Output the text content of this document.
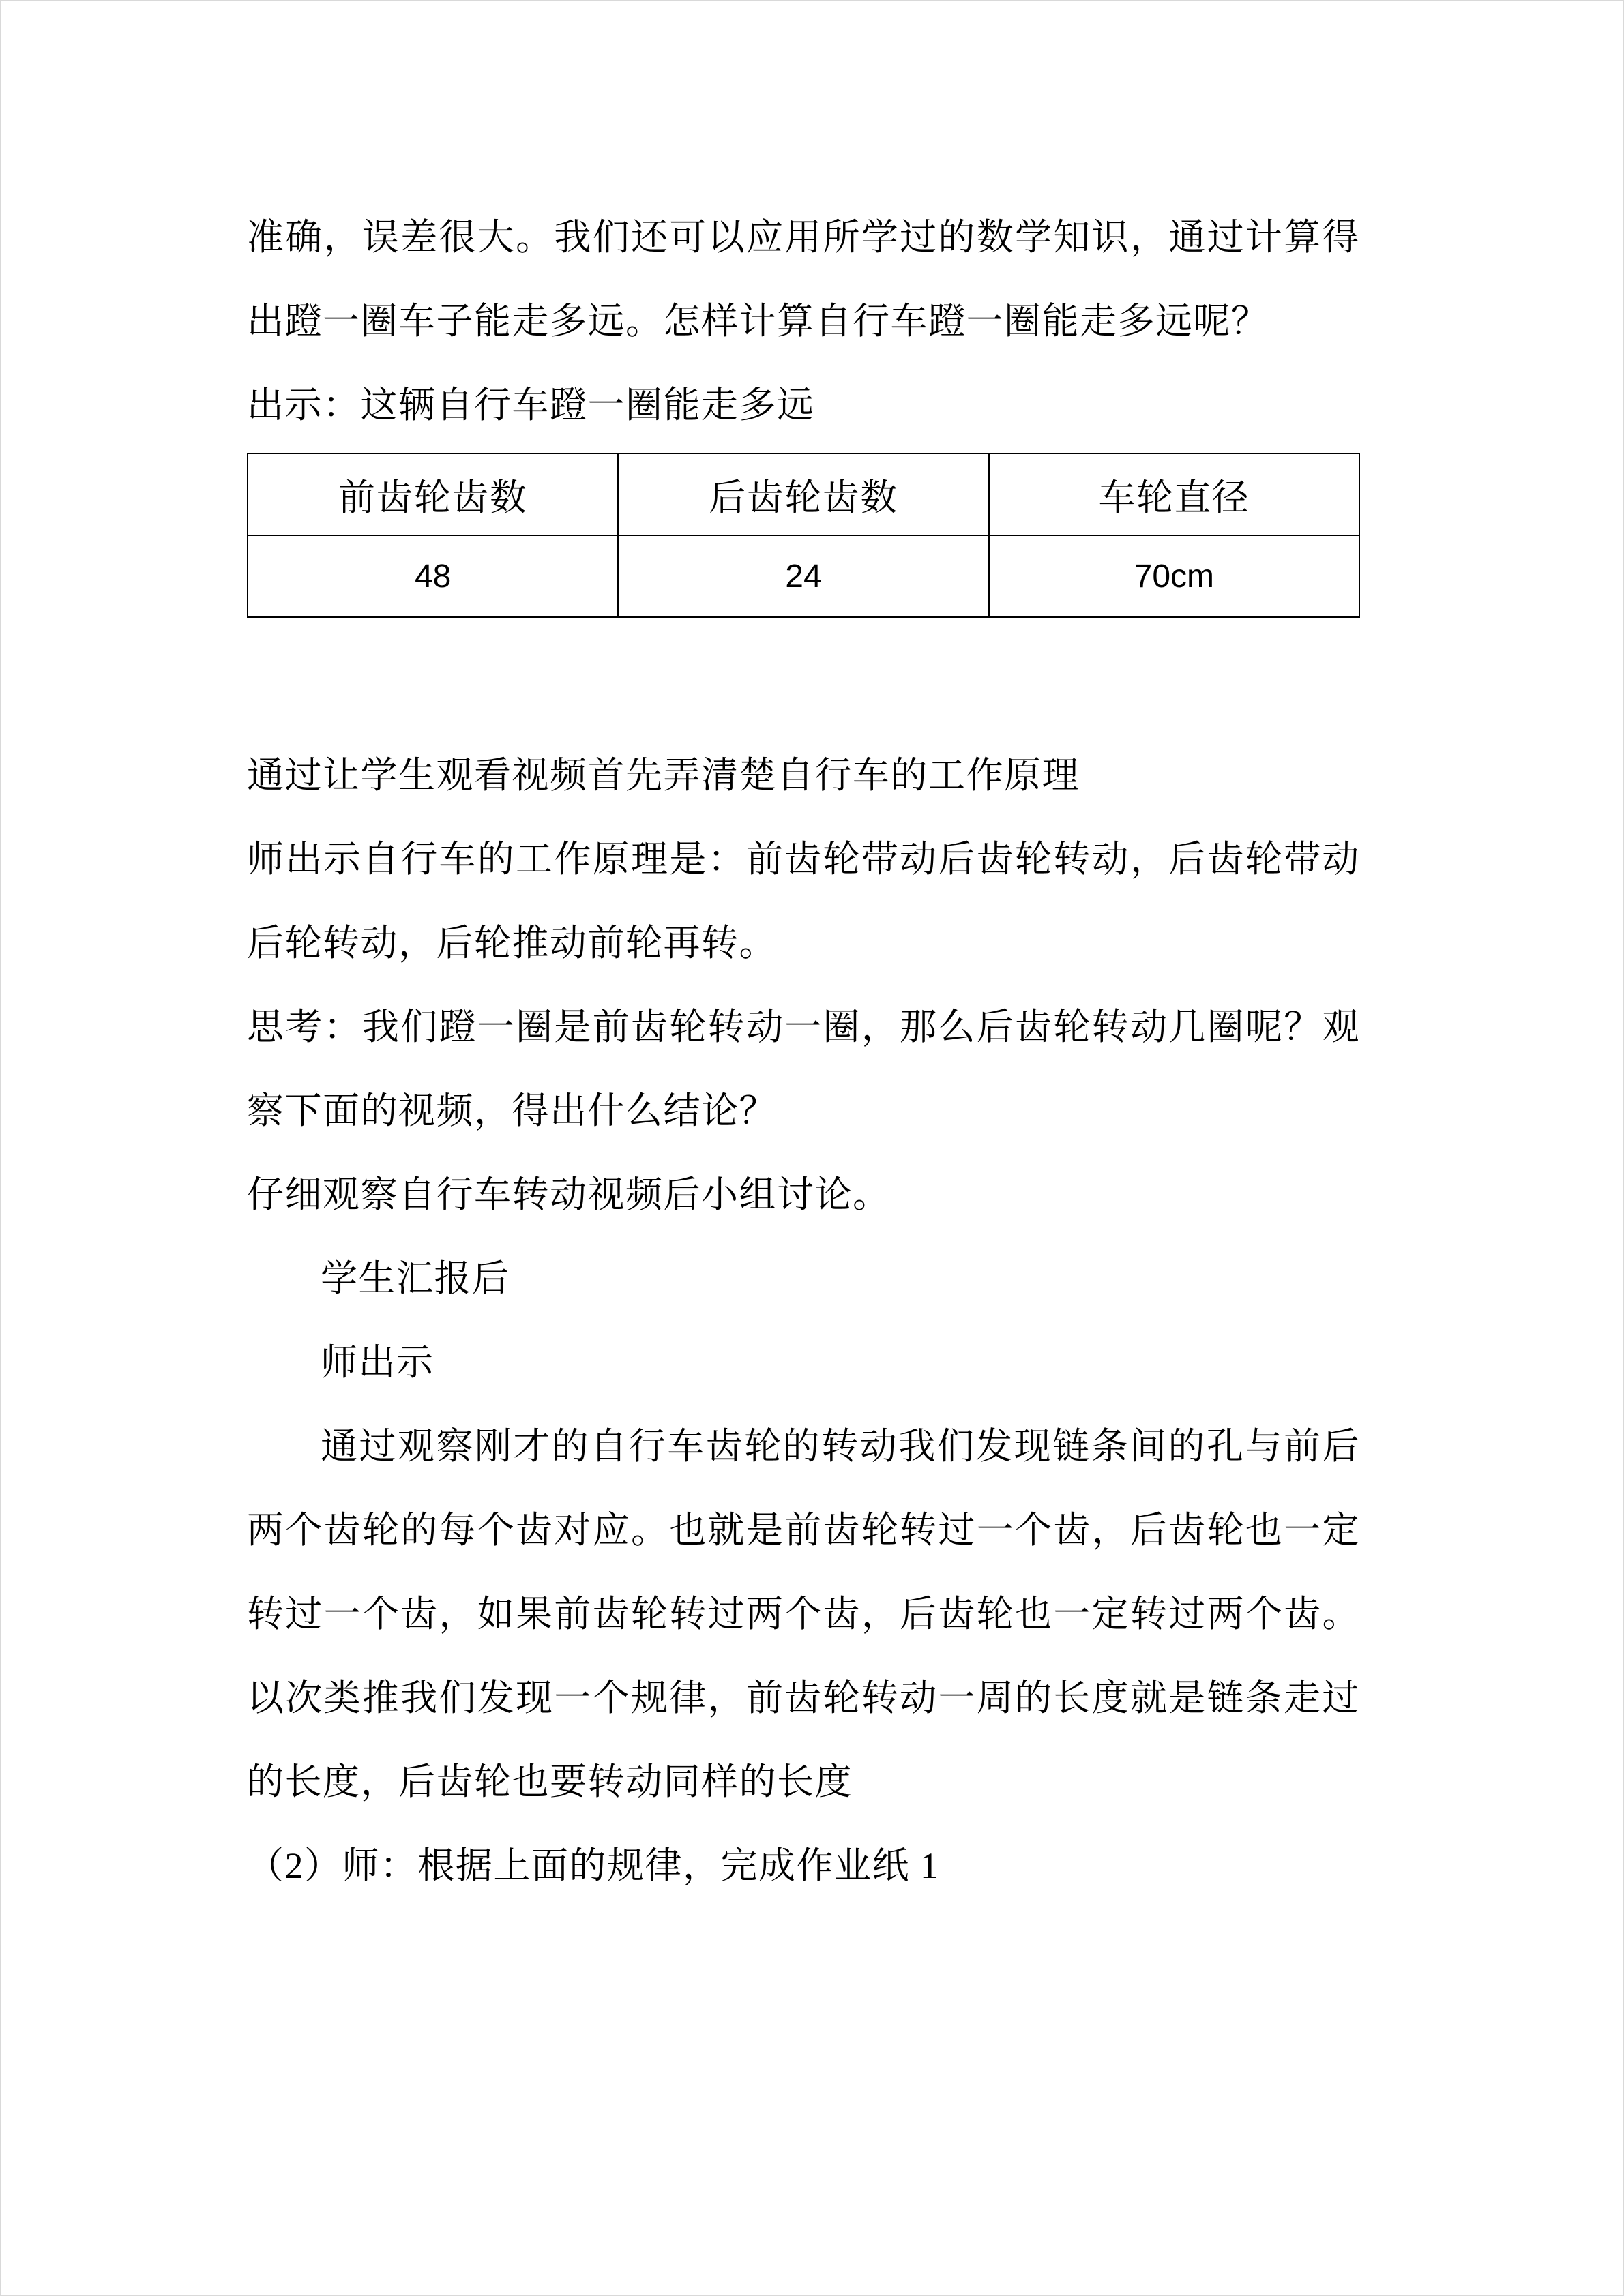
准确，误差很大。我们还可以应用所学过的数学知识，通过计算得出蹬一圈车子能走多远。怎样计算自行车蹬一圈能走多远呢？

出示：这辆自行车蹬一圈能走多远

前齿轮齿数	后齿轮齿数	车轮直径
48	24	70cm

通过让学生观看视频首先弄清楚自行车的工作原理

师出示自行车的工作原理是：前齿轮带动后齿轮转动，后齿轮带动后轮转动，后轮推动前轮再转。

思考：我们蹬一圈是前齿轮转动一圈，那么后齿轮转动几圈呢？观察下面的视频，得出什么结论？

仔细观察自行车转动视频后小组讨论。

学生汇报后

师出示

通过观察刚才的自行车齿轮的转动我们发现链条间的孔与前后两个齿轮的每个齿对应。也就是前齿轮转过一个齿，后齿轮也一定转过一个齿，如果前齿轮转过两个齿，后齿轮也一定转过两个齿。以次类推我们发现一个规律，前齿轮转动一周的长度就是链条走过的长度，后齿轮也要转动同样的长度

（2）师：根据上面的规律，完成作业纸 1
